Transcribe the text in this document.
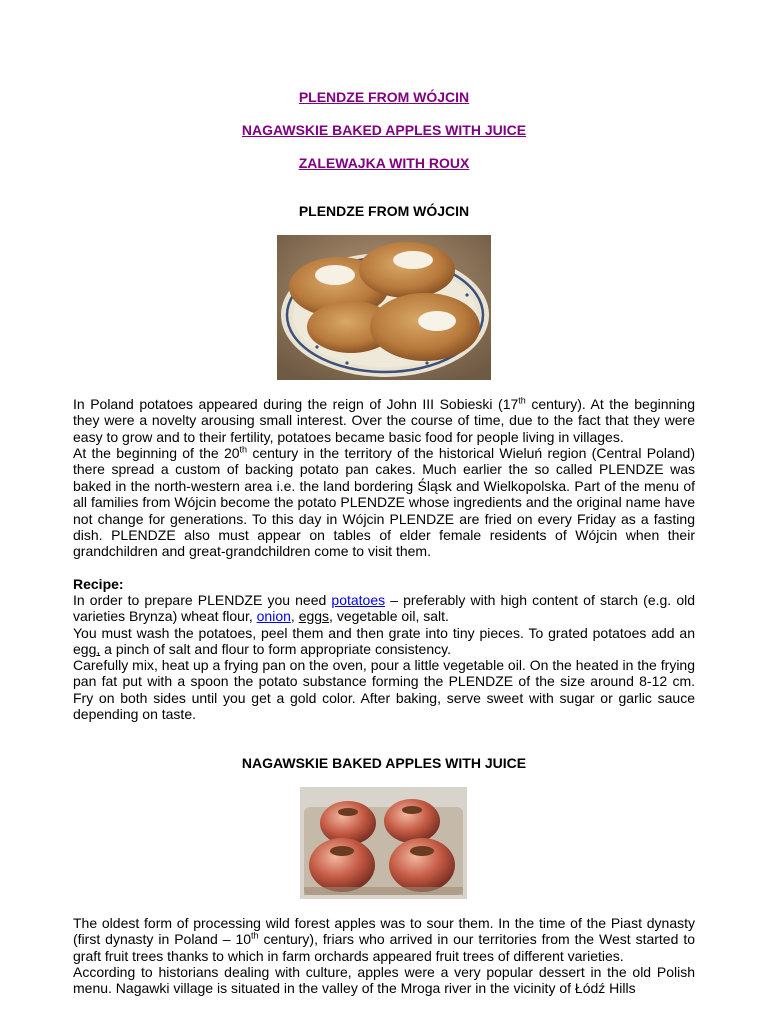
PLENDZE FROM WÓJCIN
NAGAWSKIE BAKED APPLES WITH JUICE
ZALEWAJKA WITH ROUX
PLENDZE FROM WÓJCIN

In Poland potatoes appeared during the reign of John III Sobieski (17th century). At the beginning they were a novelty arousing small interest. Over the course of time, due to the fact that they were easy to grow and to their fertility, potatoes became basic food for people living in villages.

At the beginning of the 20th century in the territory of the historical Wieluń region (Central Poland) there spread a custom of backing potato pan cakes. Much earlier the so called PLENDZE was baked in the north-western area i.e. the land bordering Śląsk and Wielkopolska. Part of the menu of all families from Wójcin become the potato PLENDZE whose ingredients and the original name have not change for generations. To this day in Wójcin PLENDZE are fried on every Friday as a fasting dish. PLENDZE also must appear on tables of elder female residents of Wójcin when their grandchildren and great-grandchildren come to visit them.

Recipe:

In order to prepare PLENDZE you need potatoes – preferably with high content of starch (e.g. old varieties Brynza) wheat flour, onion, eggs, vegetable oil, salt.

You must wash the potatoes, peel them and then grate into tiny pieces. To grated potatoes add an egg, a pinch of salt and flour to form appropriate consistency.

Carefully mix, heat up a frying pan on the oven, pour a little vegetable oil. On the heated in the frying pan fat put with a spoon the potato substance forming the PLENDZE of the size around 8-12 cm. Fry on both sides until you get a gold color. After baking, serve sweet with sugar or garlic sauce depending on taste.

NAGAWSKIE BAKED APPLES WITH JUICE

The oldest form of processing wild forest apples was to sour them. In the time of the Piast dynasty (first dynasty in Poland – 10th century), friars who arrived in our territories from the West started to graft fruit trees thanks to which in farm orchards appeared fruit trees of different varieties.

According to historians dealing with culture, apples were a very popular dessert in the old Polish menu. Nagawki village is situated in the valley of the Mroga river in the vicinity of Łódź Hills
